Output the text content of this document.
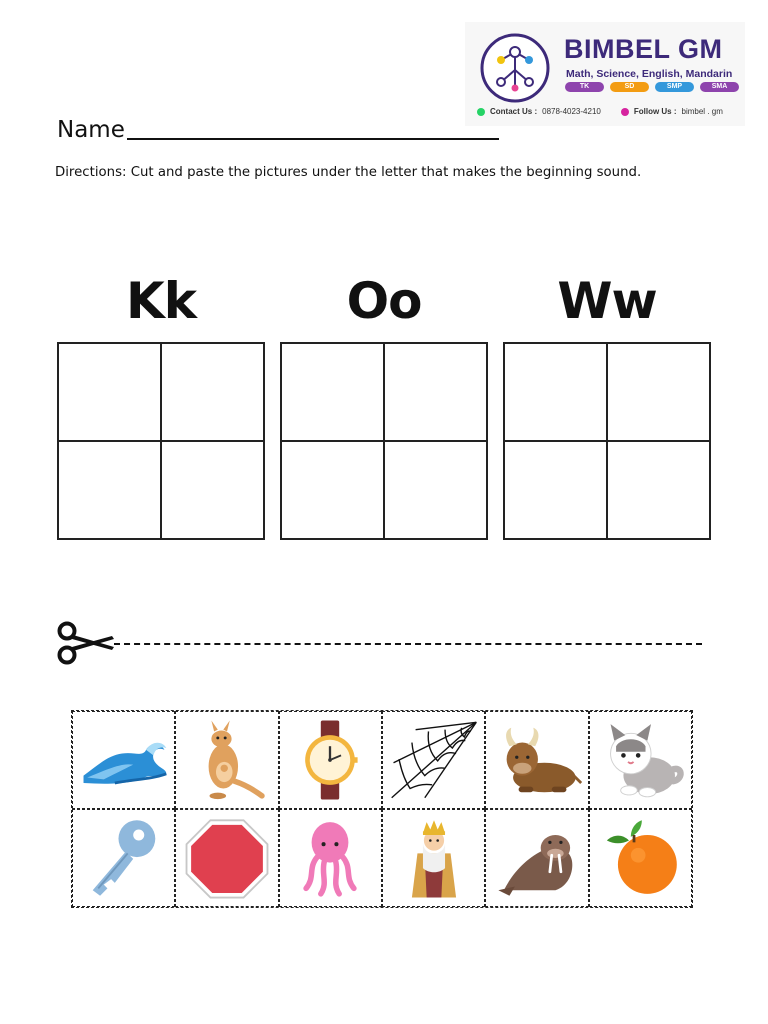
BIMBEL GM
Math, Science, English, Mandarin
TK	SD	SMP	SMA
Contact Us : 0878-4023-4210	Follow Us : bimbel . gm
Name
Directions: Cut and paste the pictures under the letter that makes the beginning sound.
Kk	Oo	Ww
